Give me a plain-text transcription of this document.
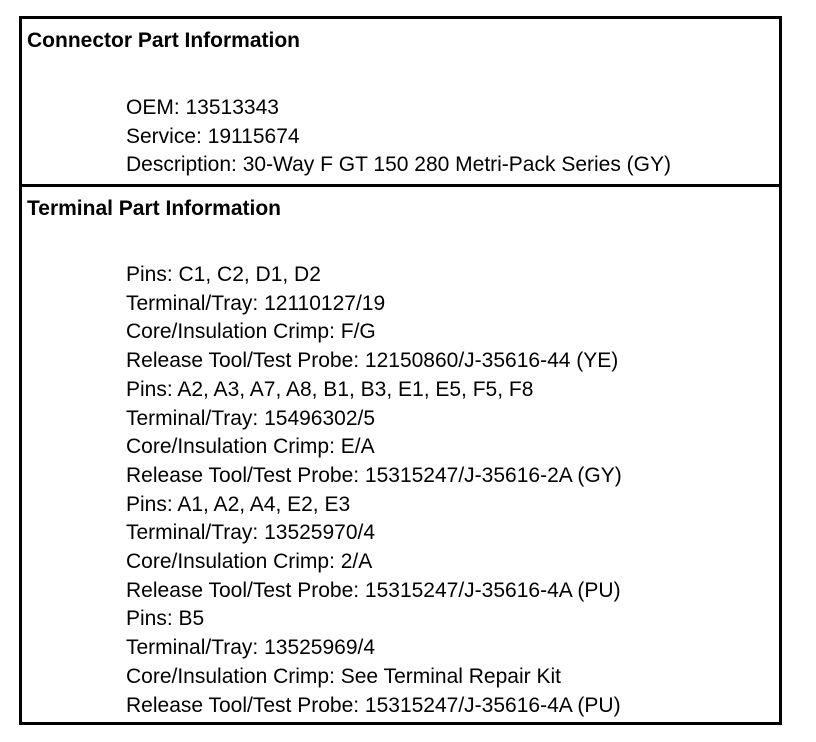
Connector Part Information
OEM: 13513343
Service: 19115674
Description: 30-Way F GT 150 280 Metri-Pack Series (GY)
Terminal Part Information
Pins: C1, C2, D1, D2
Terminal/Tray: 12110127/19
Core/Insulation Crimp: F/G
Release Tool/Test Probe: 12150860/J-35616-44 (YE)
Pins: A2, A3, A7, A8, B1, B3, E1, E5, F5, F8
Terminal/Tray: 15496302/5
Core/Insulation Crimp: E/A
Release Tool/Test Probe: 15315247/J-35616-2A (GY)
Pins: A1, A2, A4, E2, E3
Terminal/Tray: 13525970/4
Core/Insulation Crimp: 2/A
Release Tool/Test Probe: 15315247/J-35616-4A (PU)
Pins: B5
Terminal/Tray: 13525969/4
Core/Insulation Crimp: See Terminal Repair Kit
Release Tool/Test Probe: 15315247/J-35616-4A (PU)
